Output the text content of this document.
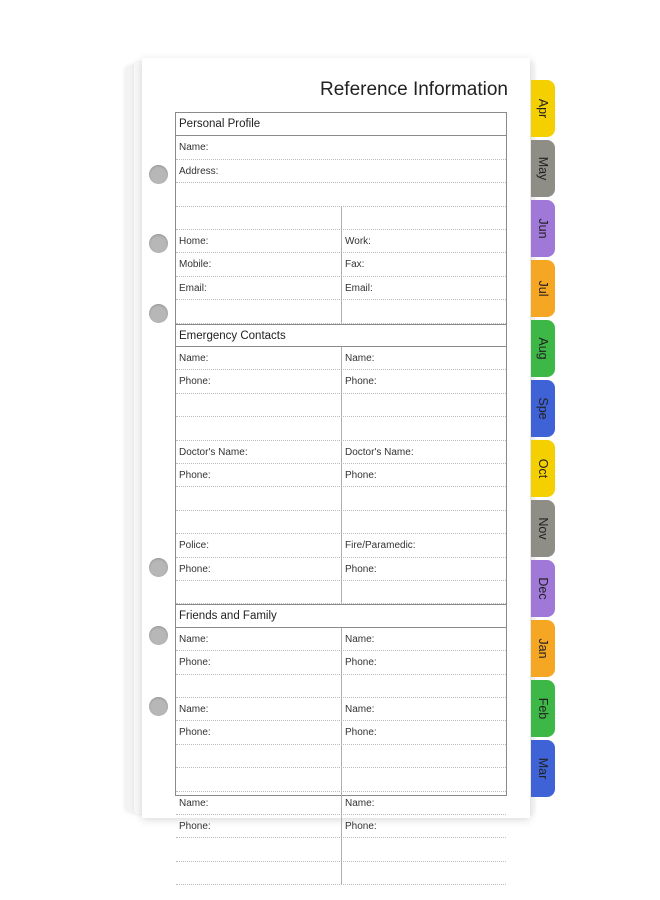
Reference Information
Personal Profile
Name:
Address:
Home:	Work:
Mobile:	Fax:
Email:	Email:
Emergency Contacts
Name:	Name:
Phone:	Phone:
Doctor's Name:	Doctor's Name:
Phone:	Phone:
Police:	Fire/Paramedic:
Phone:	Phone:
Friends and Family
Name:	Name:
Phone:	Phone:
Name:	Name:
Phone:	Phone:
Name:	Name:
Phone:	Phone:
Apr
May
Jun
Jul
Aug
Spe
Oct
Nov
Dec
Jan
Feb
Mar
